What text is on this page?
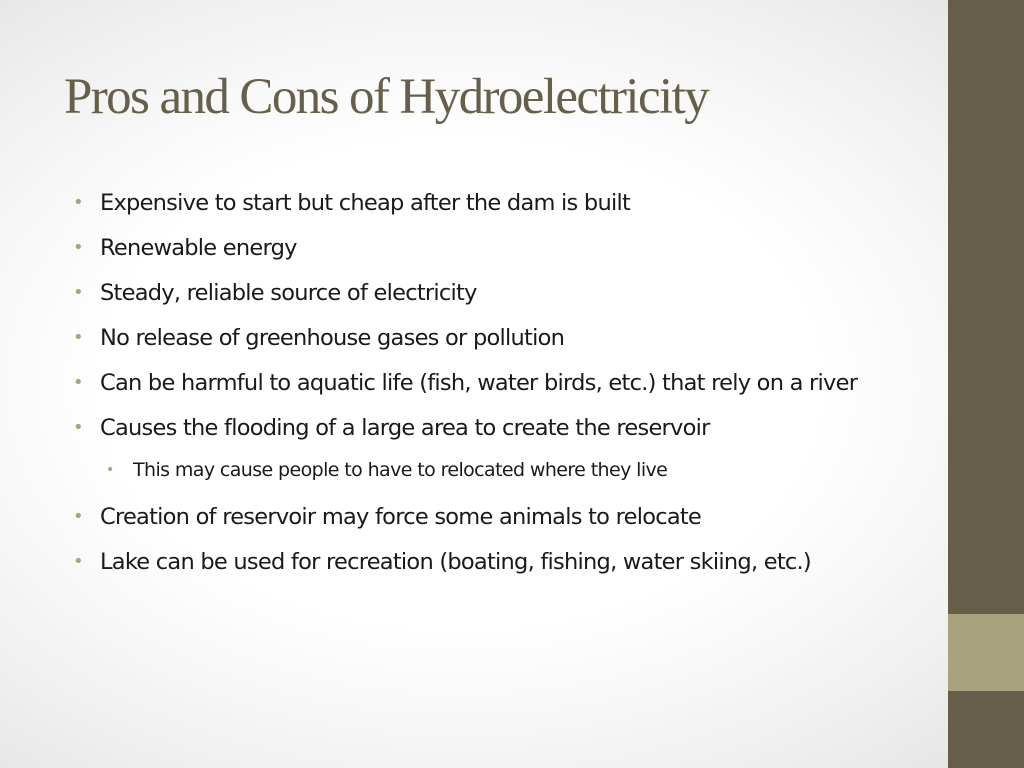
Pros and Cons of Hydroelectricity
• Expensive to start but cheap after the dam is built
• Renewable energy
• Steady, reliable source of electricity
• No release of greenhouse gases or pollution
• Can be harmful to aquatic life (fish, water birds, etc.) that rely on a river
• Causes the flooding of a large area to create the reservoir
• This may cause people to have to relocated where they live
• Creation of reservoir may force some animals to relocate
• Lake can be used for recreation (boating, fishing, water skiing, etc.)
